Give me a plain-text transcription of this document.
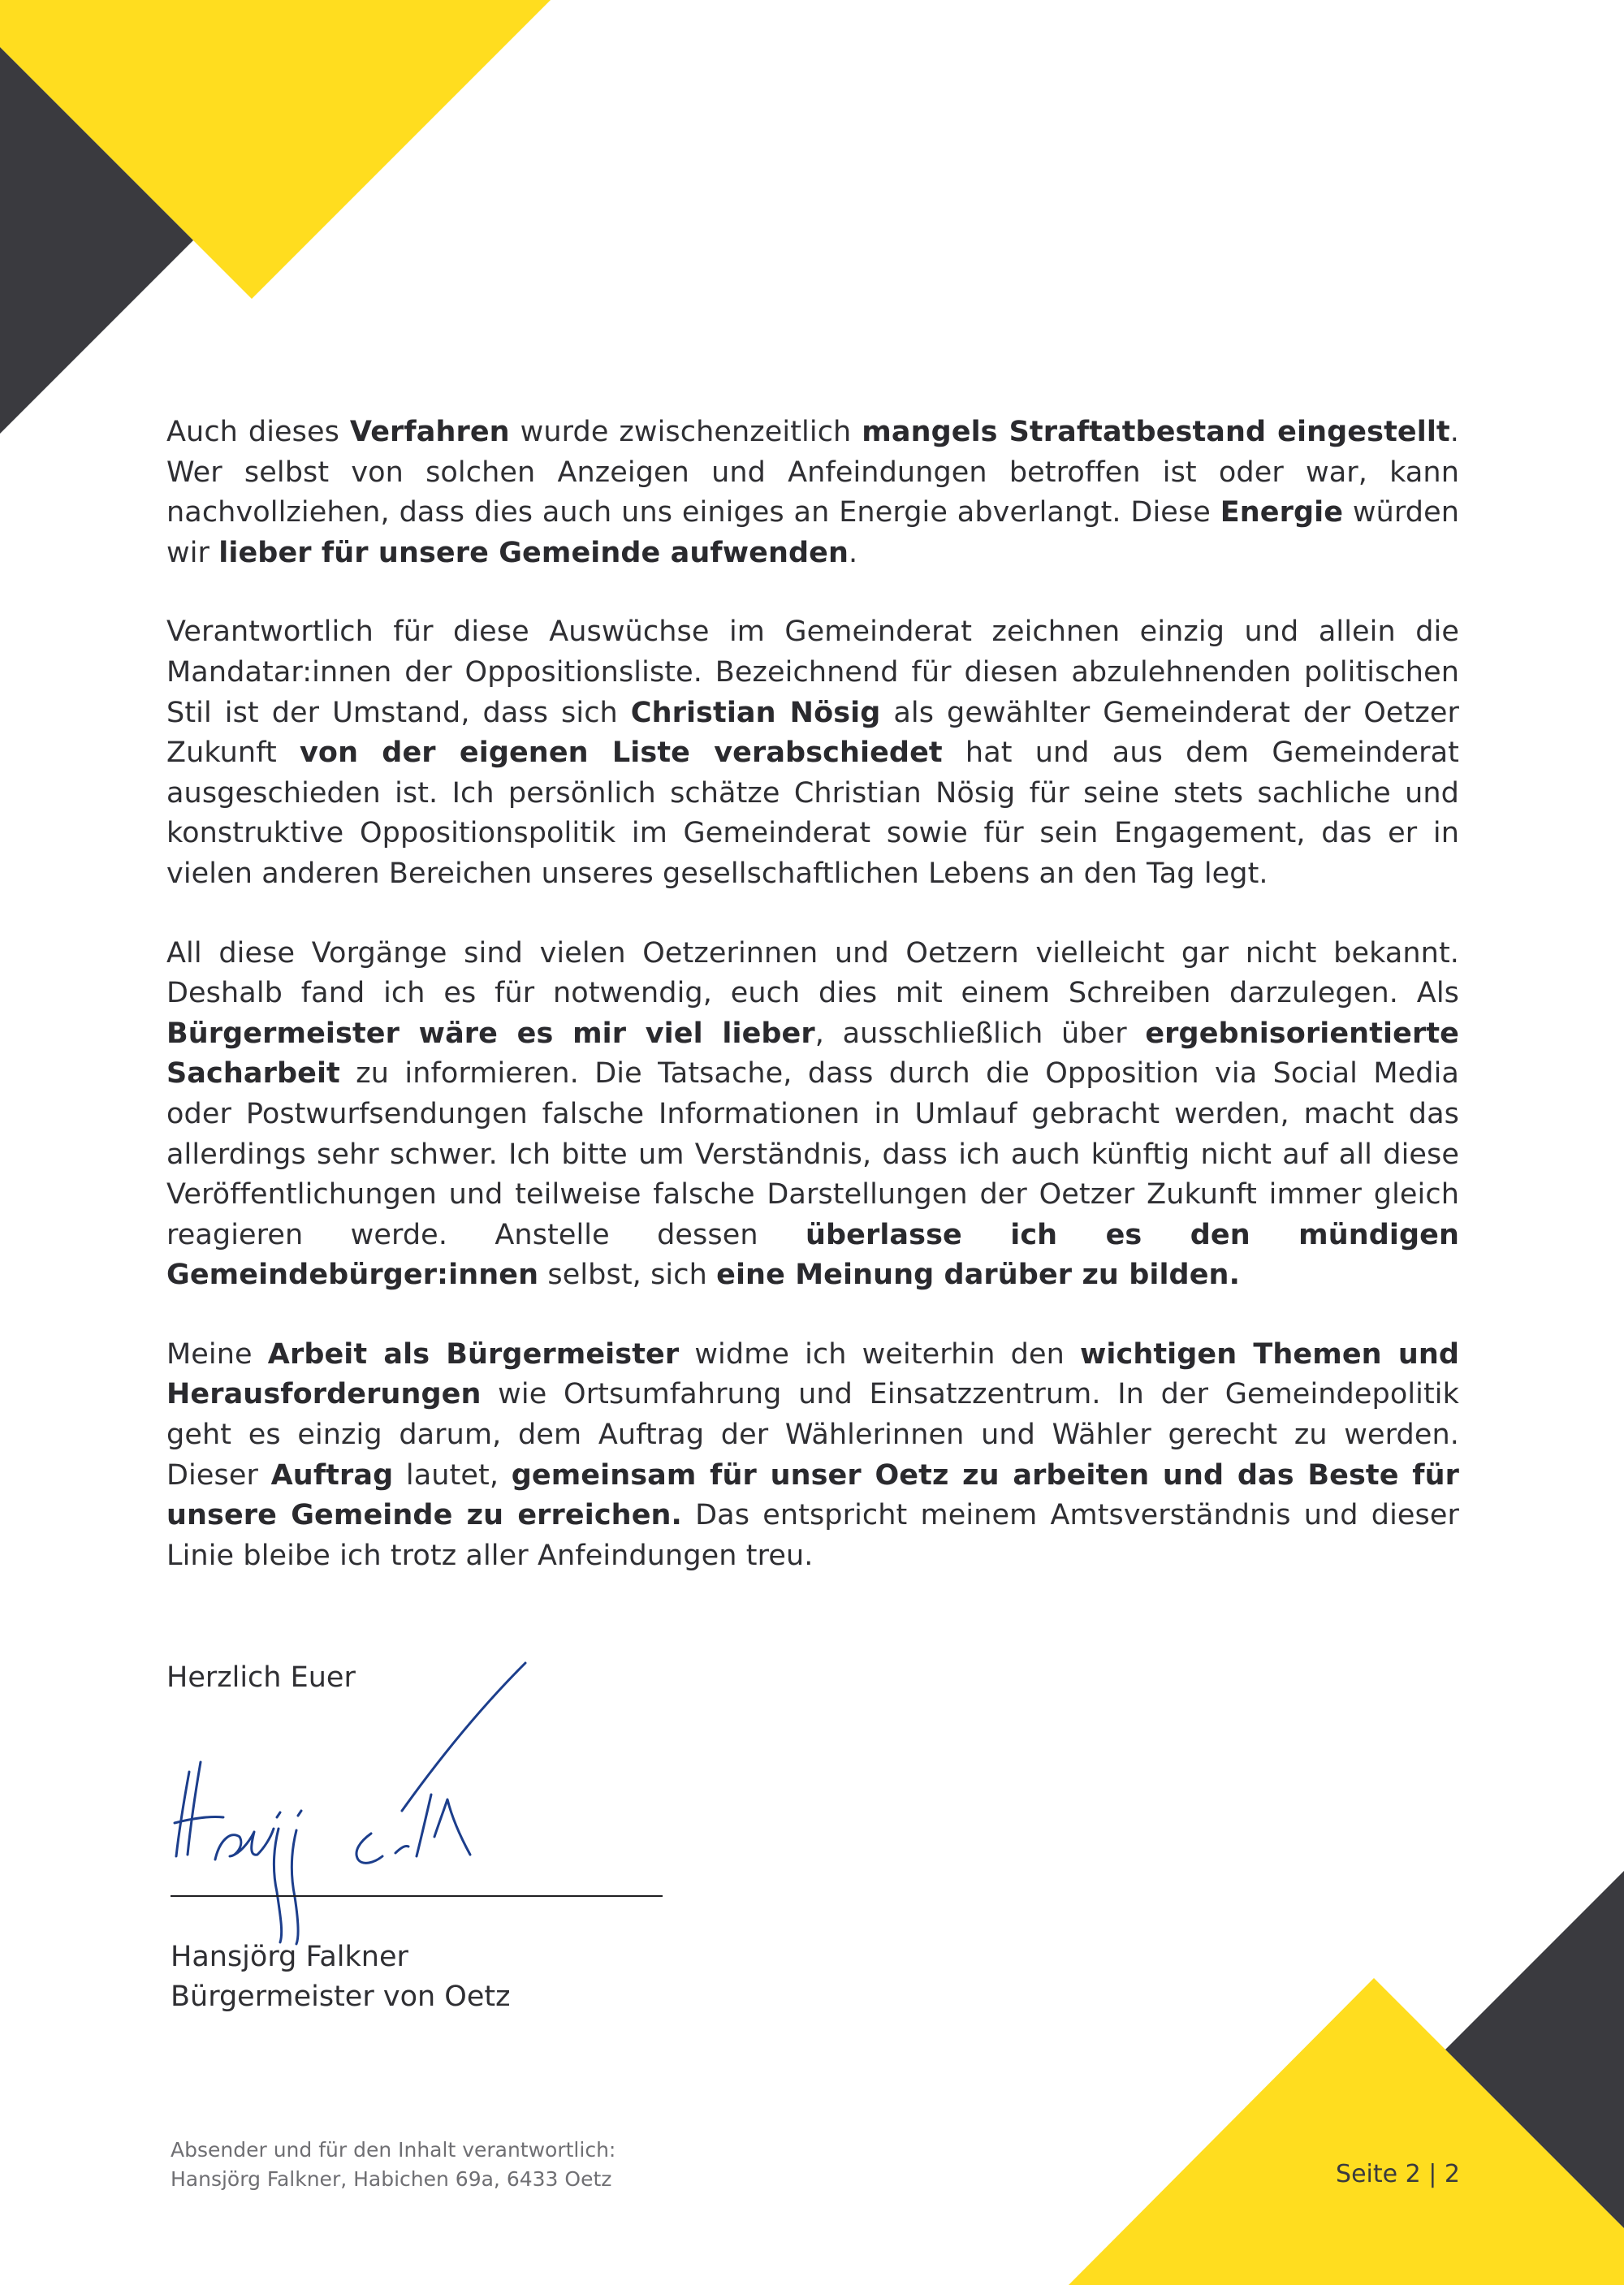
Auch dieses Verfahren wurde zwischenzeitlich mangels Straftatbestand eingestellt. Wer selbst von solchen Anzeigen und Anfeindungen betroffen ist oder war, kann nachvollziehen, dass dies auch uns einiges an Energie abverlangt. Diese Energie würden wir lieber für unsere Gemeinde aufwenden.

Verantwortlich für diese Auswüchse im Gemeinderat zeichnen einzig und allein die Mandatar:innen der Oppositionsliste. Bezeichnend für diesen abzulehnenden politischen Stil ist der Umstand, dass sich Christian Nösig als gewählter Gemeinderat der Oetzer Zukunft von der eigenen Liste verabschiedet hat und aus dem Gemeinderat ausgeschieden ist. Ich persönlich schätze Christian Nösig für seine stets sachliche und konstruktive Oppositionspolitik im Gemeinderat sowie für sein Engagement, das er in vielen anderen Bereichen unseres gesellschaftlichen Lebens an den Tag legt.

All diese Vorgänge sind vielen Oetzerinnen und Oetzern vielleicht gar nicht bekannt. Deshalb fand ich es für notwendig, euch dies mit einem Schreiben darzulegen. Als Bürgermeister wäre es mir viel lieber, ausschließlich über ergebnisorientierte Sacharbeit zu informieren. Die Tatsache, dass durch die Opposition via Social Media oder Postwurfsendungen falsche Informationen in Umlauf gebracht werden, macht das allerdings sehr schwer. Ich bitte um Verständnis, dass ich auch künftig nicht auf all diese Veröffentlichungen und teilweise falsche Darstellungen der Oetzer Zukunft immer gleich reagieren werde. Anstelle dessen überlasse ich es den mündigen Gemeindebürger:innen selbst, sich eine Meinung darüber zu bilden.

Meine Arbeit als Bürgermeister widme ich weiterhin den wichtigen Themen und Herausforderungen wie Ortsumfahrung und Einsatzzentrum. In der Gemeindepolitik geht es einzig darum, dem Auftrag der Wählerinnen und Wähler gerecht zu werden. Dieser Auftrag lautet, gemeinsam für unser Oetz zu arbeiten und das Beste für unsere Gemeinde zu erreichen. Das entspricht meinem Amtsverständnis und dieser Linie bleibe ich trotz aller Anfeindungen treu.

Herzlich Euer

Hansjörg Falkner
Bürgermeister von Oetz
Absender und für den Inhalt verantwortlich:
Hansjörg Falkner, Habichen 69a, 6433 Oetz	Seite 2 | 2
